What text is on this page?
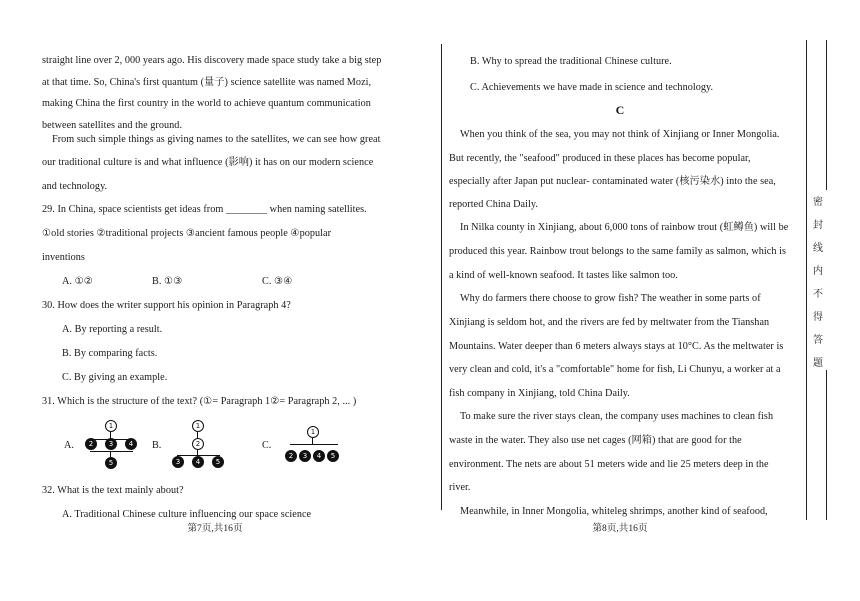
straight line over 2, 000 years ago. His discovery made space study take a big step
at that time. So, China's first quantum (量子) science satellite was named Mozi,
making China the first country in the world to achieve quantum communication
between satellites and the ground.
From such simple things as giving names to the satellites, we can see how great
our traditional culture is and what influence (影响) it has on our modern science
and technology.
29. In China, space scientists get ideas from ________ when naming satellites.
①old stories ②traditional projects ③ancient famous people ④popular
inventions
A. ①②	B. ①③	C. ③④
30. How does the writer support his opinion in Paragraph 4?
A. By reporting a result.
B. By comparing facts.
C. By giving an example.
31. Which is the structure of the text? (①= Paragraph 1②= Paragraph 2, ... )
A.
1
2	3	4
5
B.
1
2
3	4	5
C.
1
2	3	4	5
32. What is the text mainly about?
A. Traditional Chinese culture influencing our space science
第7页,共16页
B. Why to spread the traditional Chinese culture.
C. Achievements we have made in science and technology.
C
When you think of the sea, you may not think of Xinjiang or Inner Mongolia.
But recently, the "seafood" produced in these places has become popular,
especially after Japan put nuclear- contaminated water (核污染水) into the sea,
reported China Daily.
In Nilka county in Xinjiang, about 6,000 tons of rainbow trout (虹鳟鱼) will be
produced this year. Rainbow trout belongs to the same family as salmon, which is
a kind of well-known seafood. It tastes like salmon too.
Why do farmers there choose to grow fish? The weather in some parts of
Xinjiang is seldom hot, and the rivers are fed by meltwater from the Tianshan
Mountains. Water deeper than 6 meters always stays at 10°C. As the meltwater is
very clean and cold, it's a "comfortable" home for fish, Li Chunyu, a worker at a
fish company in Xinjiang, told China Daily.
To make sure the river stays clean, the company uses machines to clean fish
waste in the water. They also use net cages (网箱) that are good for the
environment. The nets are about 51 meters wide and lie 25 meters deep in the
river.
Meanwhile, in Inner Mongolia, whiteleg shrimps, another kind of seafood,
第8页,共16页
密
封
线
内
不
得
答
题
